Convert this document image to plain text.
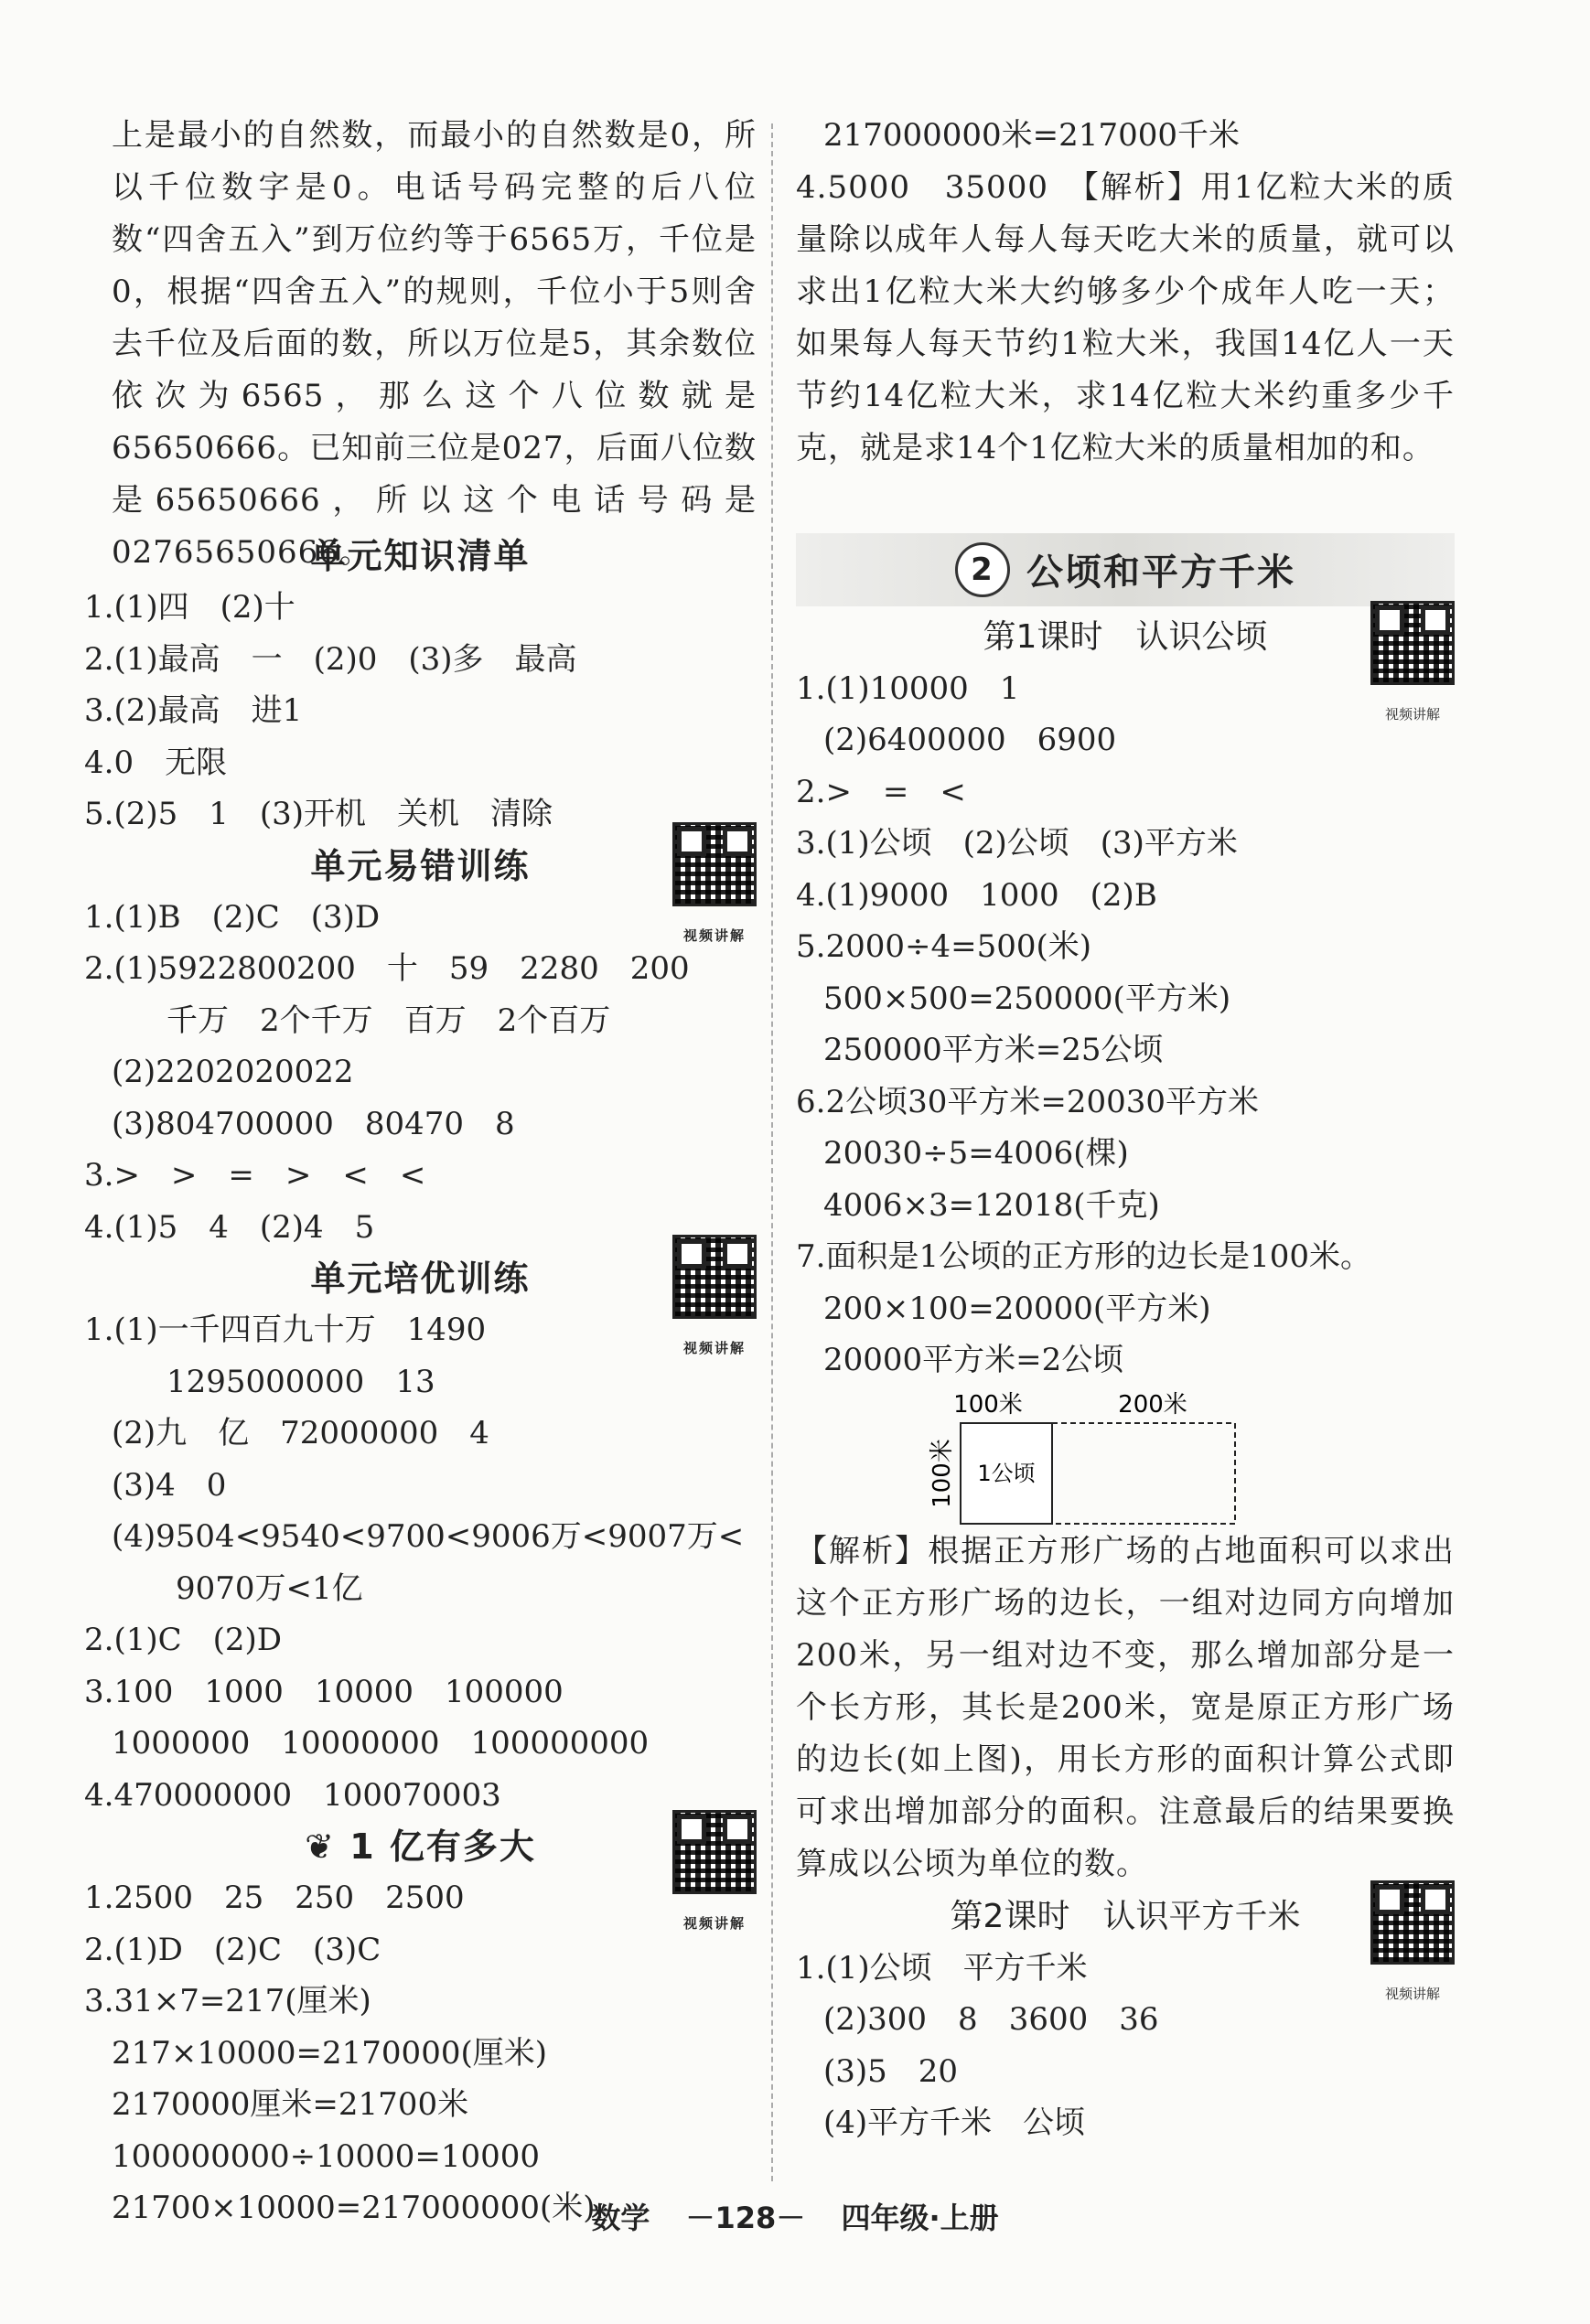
上是最小的自然数，而最小的自然数是0，所以千位数字是0。电话号码完整的后八位数“四舍五入”到万位约等于6565万，千位是0，根据“四舍五入”的规则，千位小于5则舍去千位及后面的数，所以万位是5，其余数位依次为6565，那么这个八位数就是65650666。已知前三位是027，后面八位数是65650666，所以这个电话号码是02765650666。
单元知识清单
1.(1)四　(2)十
2.(1)最高　一　(2)0　(3)多　最高
3.(2)最高　进1
4.0　无限
5.(2)5　1　(3)开机　关机　清除
单元易错训练
视频讲解
1.(1)B　(2)C　(3)D
2.(1)5922800200　十　59　2280　200
千万　2个千万　百万　2个百万
(2)2202020022
(3)804700000　80470　8
3.>　>　=　>　<　<
4.(1)5　4　(2)4　5
单元培优训练
视频讲解
1.(1)一千四百九十万　1490
1295000000　13
(2)九　亿　72000000　4
(3)4　0
(4)9504<9540<9700<9006万<9007万<
9070万<1亿
2.(1)C　(2)D
3.100　1000　10000　100000
1000000　10000000　100000000
4.470000000　100070003
❦ 1 亿有多大
视频讲解
1.2500　25　250　2500
2.(1)D　(2)C　(3)C
3.31×7=217(厘米)
217×10000=2170000(厘米)
2170000厘米=21700米
100000000÷10000=10000
21700×10000=217000000(米)
217000000米=217000千米
4.5000　35000　【解析】用1亿粒大米的质量除以成年人每人每天吃大米的质量，就可以求出1亿粒大米大约够多少个成年人吃一天；如果每人每天节约1粒大米，我国14亿人一天节约14亿粒大米，求14亿粒大米约重多少千克，就是求14个1亿粒大米的质量相加的和。
2 公顷和平方千米
第1课时　认识公顷
视频讲解
1.(1)10000　1
(2)6400000　6900
2.>　=　<
3.(1)公顷　(2)公顷　(3)平方米
4.(1)9000　1000　(2)B
5.2000÷4=500(米)
500×500=250000(平方米)
250000平方米=25公顷
6.2公顷30平方米=20030平方米
20030÷5=4006(棵)
4006×3=12018(千克)
7.面积是1公顷的正方形的边长是100米。
200×100=20000(平方米)
20000平方米=2公顷
100米	200米
1公顷
100米
【解析】根据正方形广场的占地面积可以求出这个正方形广场的边长，一组对边同方向增加200米，另一组对边不变，那么增加部分是一个长方形，其长是200米，宽是原正方形广场的边长(如上图)，用长方形的面积计算公式即可求出增加部分的面积。注意最后的结果要换算成以公顷为单位的数。
第2课时　认识平方千米
视频讲解
1.(1)公顷　平方千米
(2)300　8　3600　36
(3)5　20
(4)平方千米　公顷
数学 －128－ 四年级·上册
